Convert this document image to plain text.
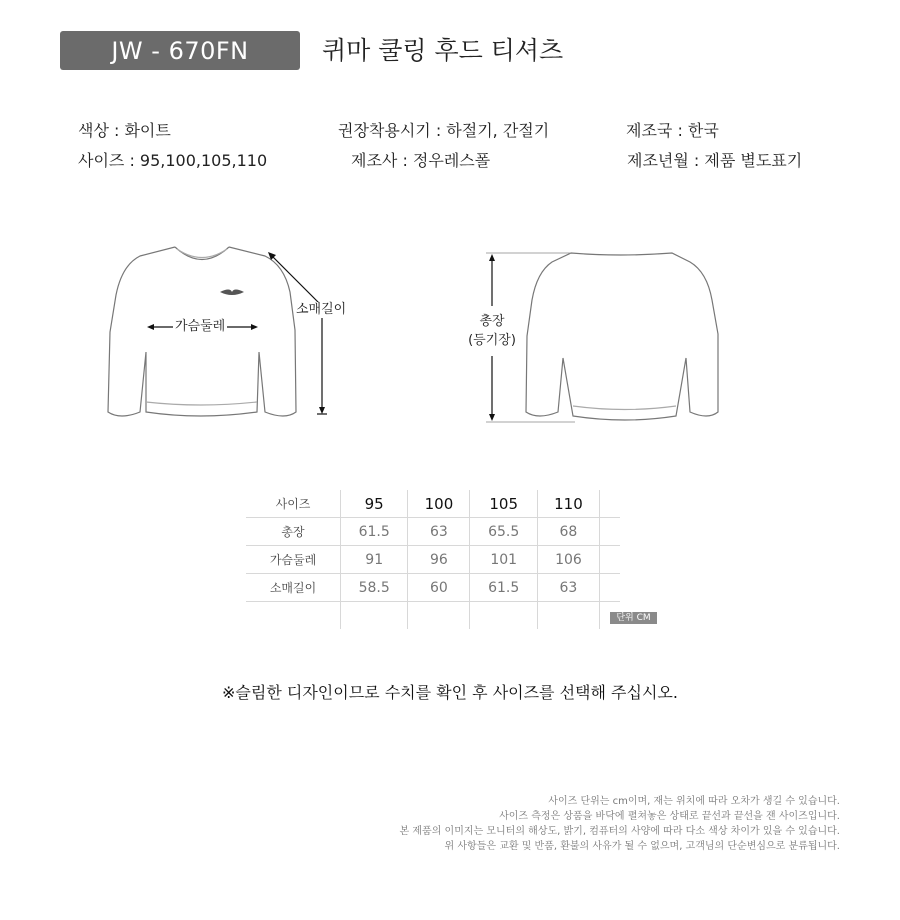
JW - 670FN	퀴마 쿨링 후드 티셔츠
색상 : 화이트
사이즈 : 95,100,105,110
권장착용시기 : 하절기, 간절기
제조사 : 정우레스폴
제조국 : 한국
제조년월 : 제품 별도표기
가슴둘레
소매길이
총장
(등기장)
사이즈	95	100	105	110	
총장	61.5	63	65.5	68	
가슴둘레	91	96	101	106	
소매길이	58.5	60	61.5	63	

단위 CM
※슬림한 디자인이므로 수치를 확인 후 사이즈를 선택해 주십시오.
사이즈 단위는 cm이며, 재는 위치에 따라 오차가 생길 수 있습니다.
사이즈 측정은 상품을 바닥에 펼쳐놓은 상태로 끝선과 끝선을 잰 사이즈입니다.
본 제품의 이미지는 모니터의 해상도, 밝기, 컴퓨터의 사양에 따라 다소 색상 차이가 있을 수 있습니다.
위 사항들은 교환 및 반품, 환불의 사유가 될 수 없으며, 고객님의 단순변심으로 분류됩니다.
